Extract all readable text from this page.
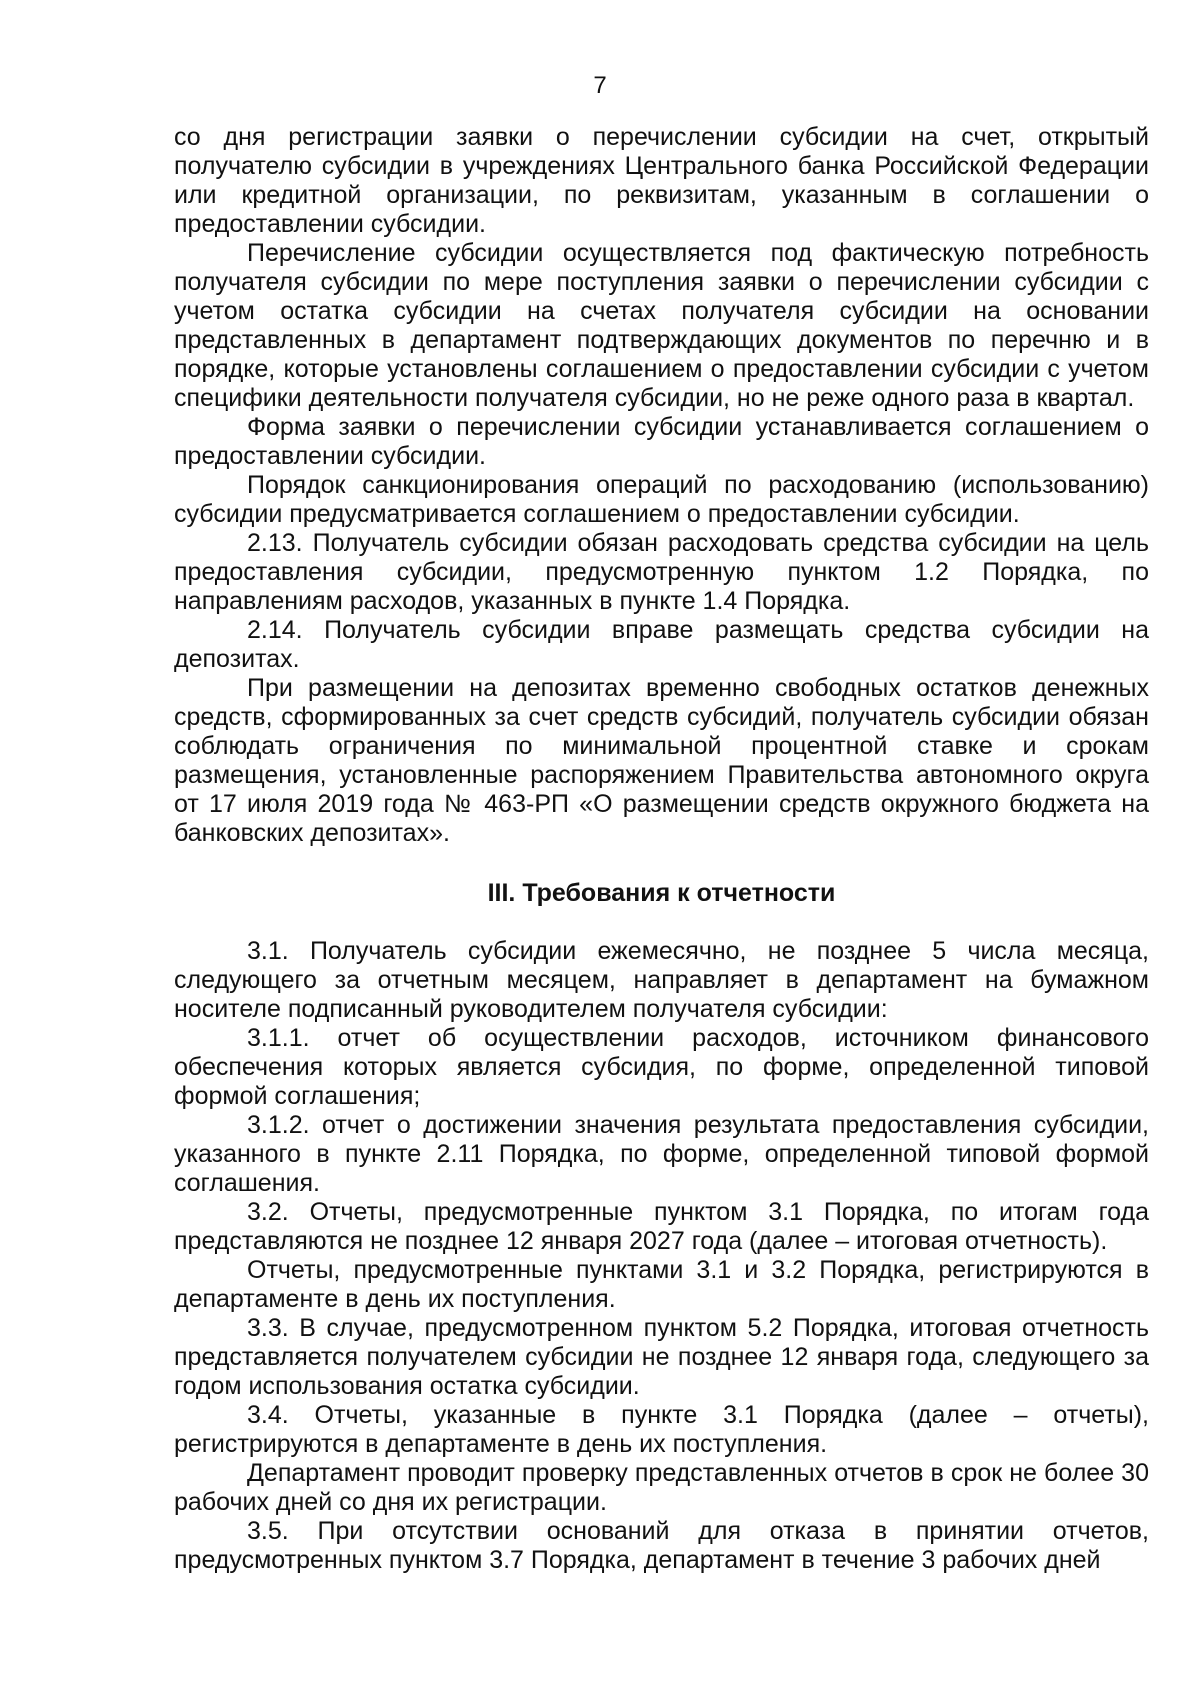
7

со дня регистрации заявки о перечислении субсидии на счет, открытый получателю субсидии в учреждениях Центрального банка Российской Федерации или кредитной организации, по реквизитам, указанным в соглашении о предоставлении субсидии.

Перечисление субсидии осуществляется под фактическую потребность получателя субсидии по мере поступления заявки о перечислении субсидии с учетом остатка субсидии на счетах получателя субсидии на основании представленных в департамент подтверждающих документов по перечню и в порядке, которые установлены соглашением о предоставлении субсидии с учетом специфики деятельности получателя субсидии, но не реже одного раза в квартал.

Форма заявки о перечислении субсидии устанавливается соглашением о предоставлении субсидии.

Порядок санкционирования операций по расходованию (использованию) субсидии предусматривается соглашением о предоставлении субсидии.

2.13. Получатель субсидии обязан расходовать средства субсидии на цель предоставления субсидии, предусмотренную пунктом 1.2 Порядка, по направлениям расходов, указанных в пункте 1.4 Порядка.

2.14. Получатель субсидии вправе размещать средства субсидии на депозитах.

При размещении на депозитах временно свободных остатков денежных средств, сформированных за счет средств субсидий, получатель субсидии обязан соблюдать ограничения по минимальной процентной ставке и срокам размещения, установленные распоряжением Правительства автономного округа от 17 июля 2019 года № 463-РП «О размещении средств окружного бюджета на банковских депозитах».

III. Требования к отчетности

3.1. Получатель субсидии ежемесячно, не позднее 5 числа месяца, следующего за отчетным месяцем, направляет в департамент на бумажном носителе подписанный руководителем получателя субсидии:

3.1.1. отчет об осуществлении расходов, источником финансового обеспечения которых является субсидия, по форме, определенной типовой формой соглашения;

3.1.2. отчет о достижении значения результата предоставления субсидии, указанного в пункте 2.11 Порядка, по форме, определенной типовой формой соглашения.

3.2. Отчеты, предусмотренные пунктом 3.1 Порядка, по итогам года представляются не позднее 12 января 2027 года (далее – итоговая отчетность).

Отчеты, предусмотренные пунктами 3.1 и 3.2 Порядка, регистрируются в департаменте в день их поступления.

3.3. В случае, предусмотренном пунктом 5.2 Порядка, итоговая отчетность представляется получателем субсидии не позднее 12 января года, следующего за годом использования остатка субсидии.

3.4. Отчеты, указанные в пункте 3.1 Порядка (далее – отчеты), регистрируются в департаменте в день их поступления.

Департамент проводит проверку представленных отчетов в срок не более 30 рабочих дней со дня их регистрации.

3.5. При отсутствии оснований для отказа в принятии отчетов, предусмотренных пунктом 3.7 Порядка, департамент в течение 3 рабочих дней
